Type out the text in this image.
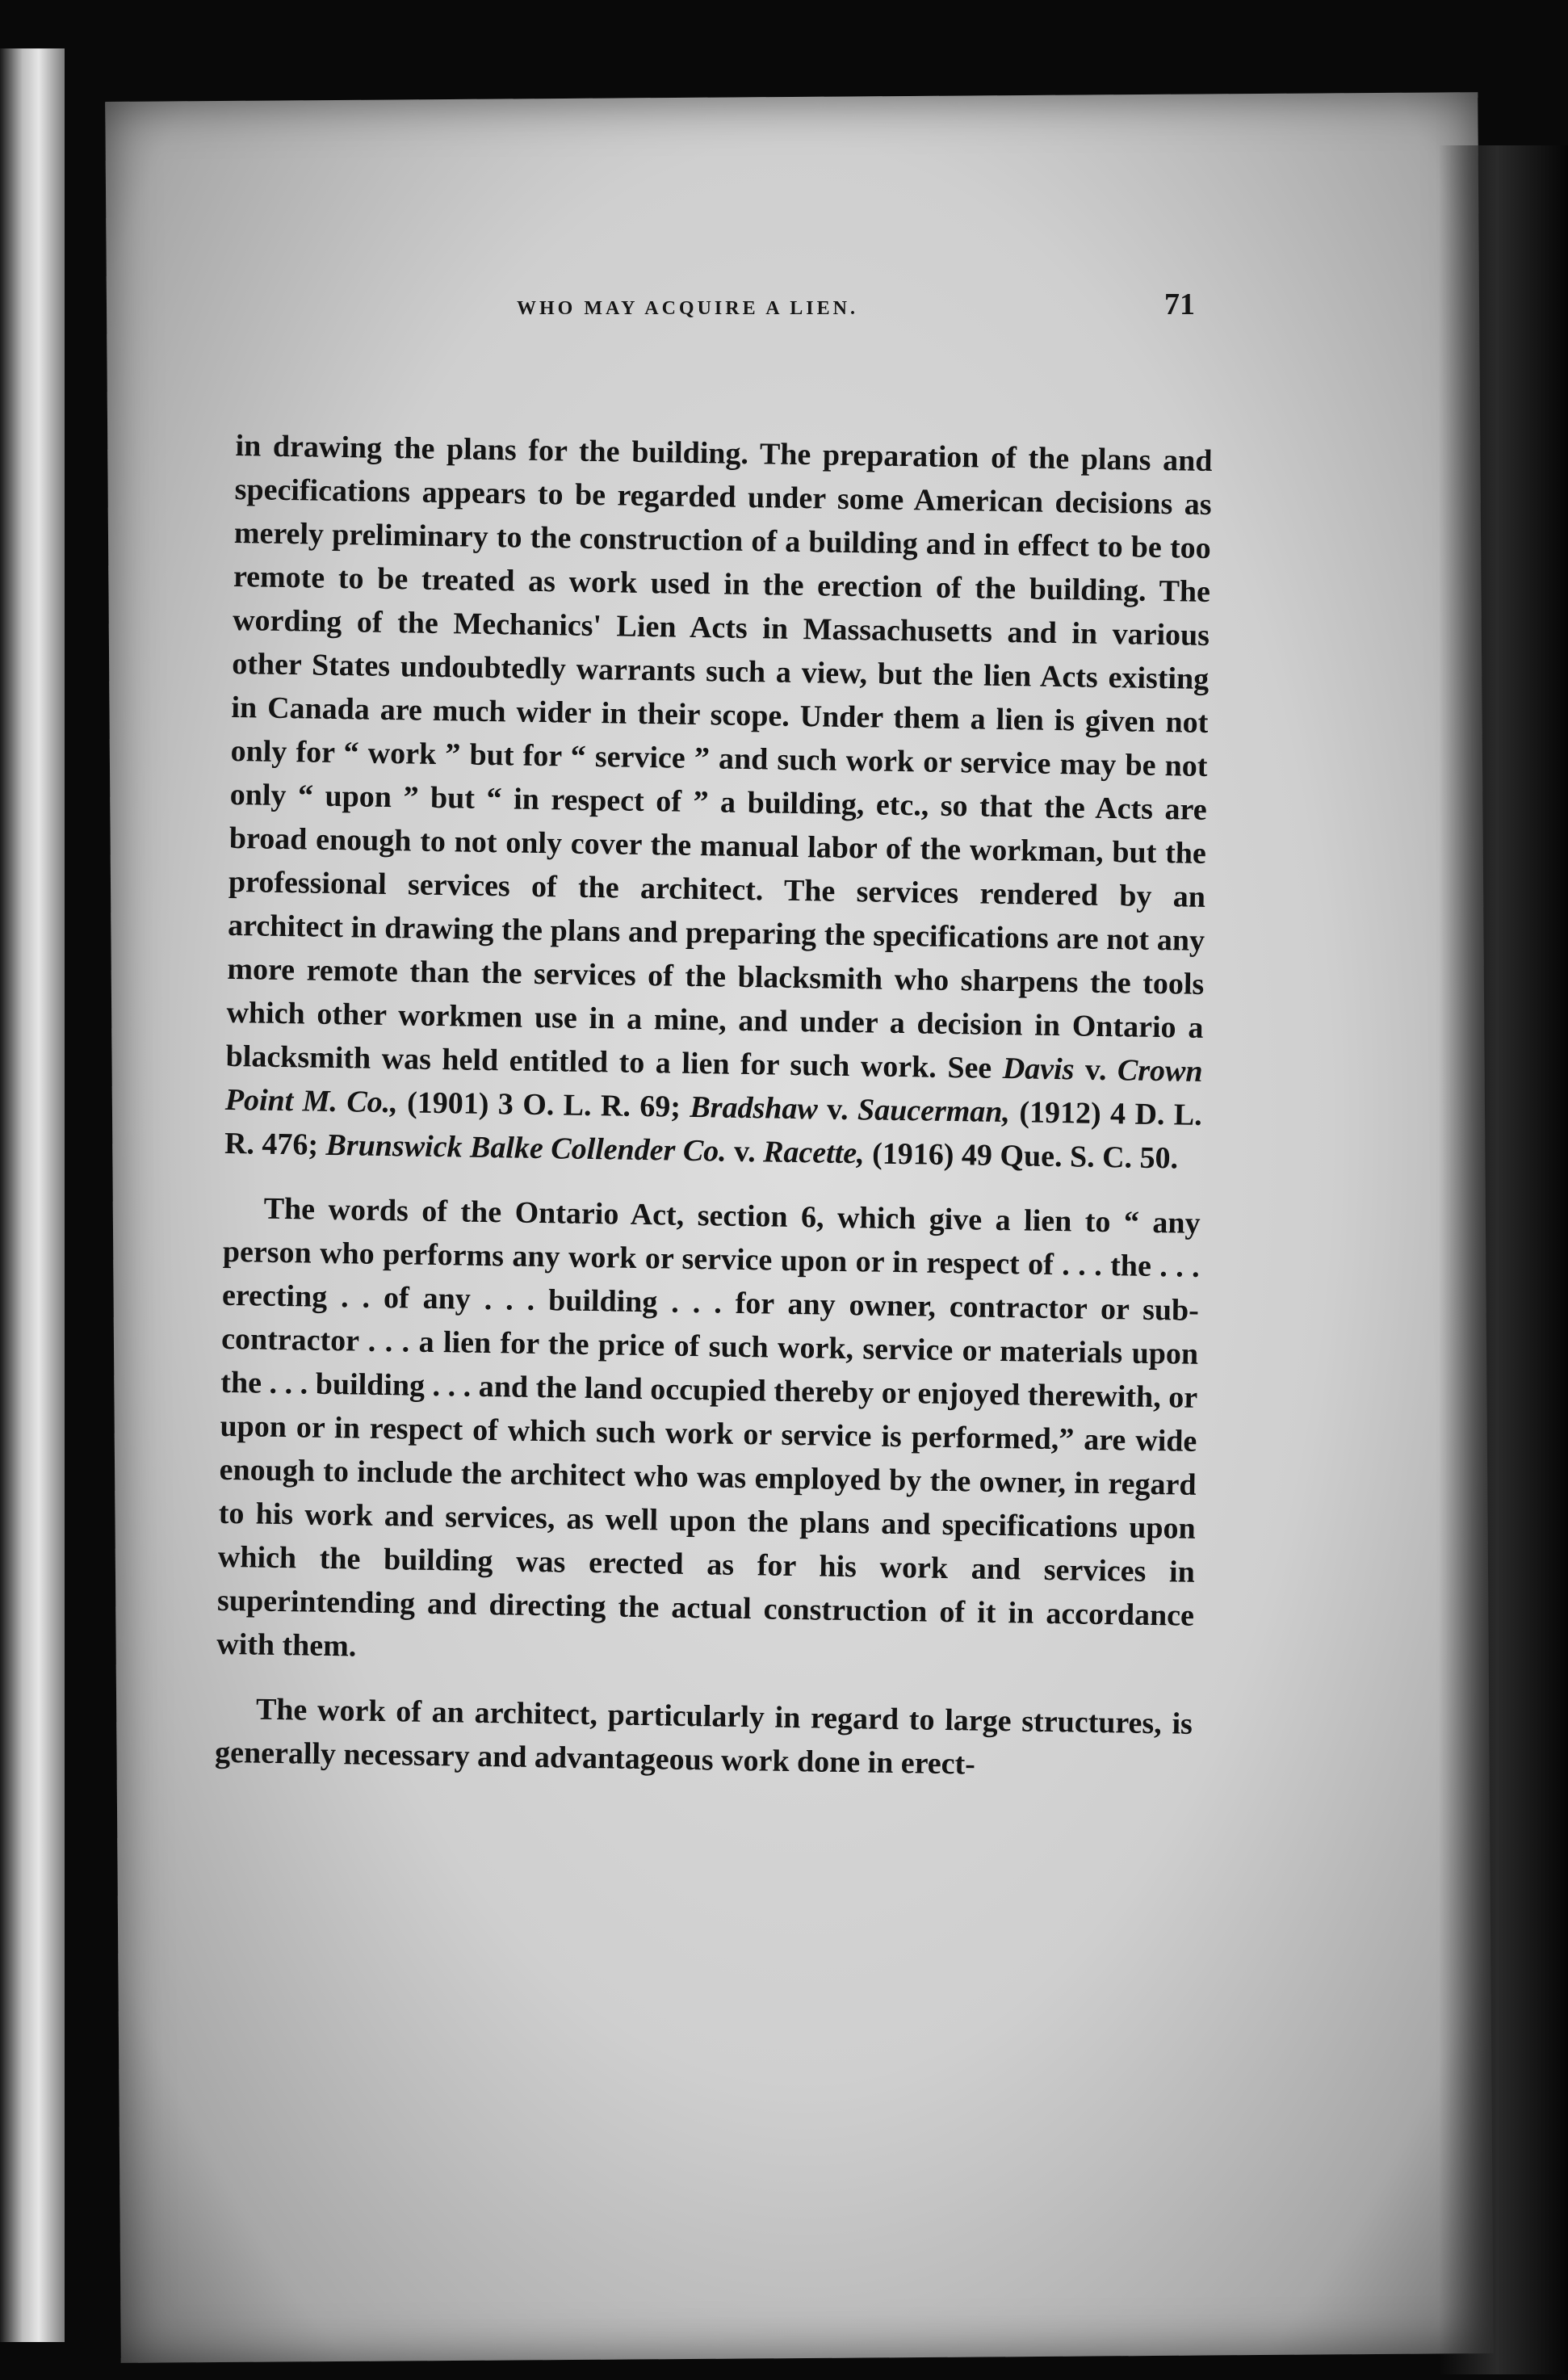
WHO MAY ACQUIRE A LIEN.	71

in drawing the plans for the building. The preparation of the plans and specifications appears to be regarded under some American decisions as merely preliminary to the construction of a building and in effect to be too remote to be treated as work used in the erection of the building. The wording of the Mechanics' Lien Acts in Massachusetts and in various other States undoubtedly warrants such a view, but the lien Acts existing in Canada are much wider in their scope. Under them a lien is given not only for “ work ” but for “ service ” and such work or service may be not only “ upon ” but “ in respect of ” a building, etc., so that the Acts are broad enough to not only cover the manual labor of the workman, but the professional services of the architect. The services rendered by an architect in drawing the plans and preparing the specifications are not any more remote than the services of the blacksmith who sharpens the tools which other workmen use in a mine, and under a decision in Ontario a blacksmith was held entitled to a lien for such work. See Davis v. Crown Point M. Co., (1901) 3 O. L. R. 69; Bradshaw v. Saucerman, (1912) 4 D. L. R. 476; Brunswick Balke Collender Co. v. Racette, (1916) 49 Que. S. C. 50.

The words of the Ontario Act, section 6, which give a lien to “ any person who performs any work or service upon or in respect of . . . the . . . erecting . . of any . . . building . . . for any owner, contractor or sub-contractor . . . a lien for the price of such work, service or materials upon the . . . building . . . and the land occupied thereby or enjoyed therewith, or upon or in respect of which such work or service is performed,” are wide enough to include the architect who was employed by the owner, in regard to his work and services, as well upon the plans and specifications upon which the building was erected as for his work and services in superintending and directing the actual construction of it in accordance with them.

The work of an architect, particularly in regard to large structures, is generally necessary and advantageous work done in erect-
